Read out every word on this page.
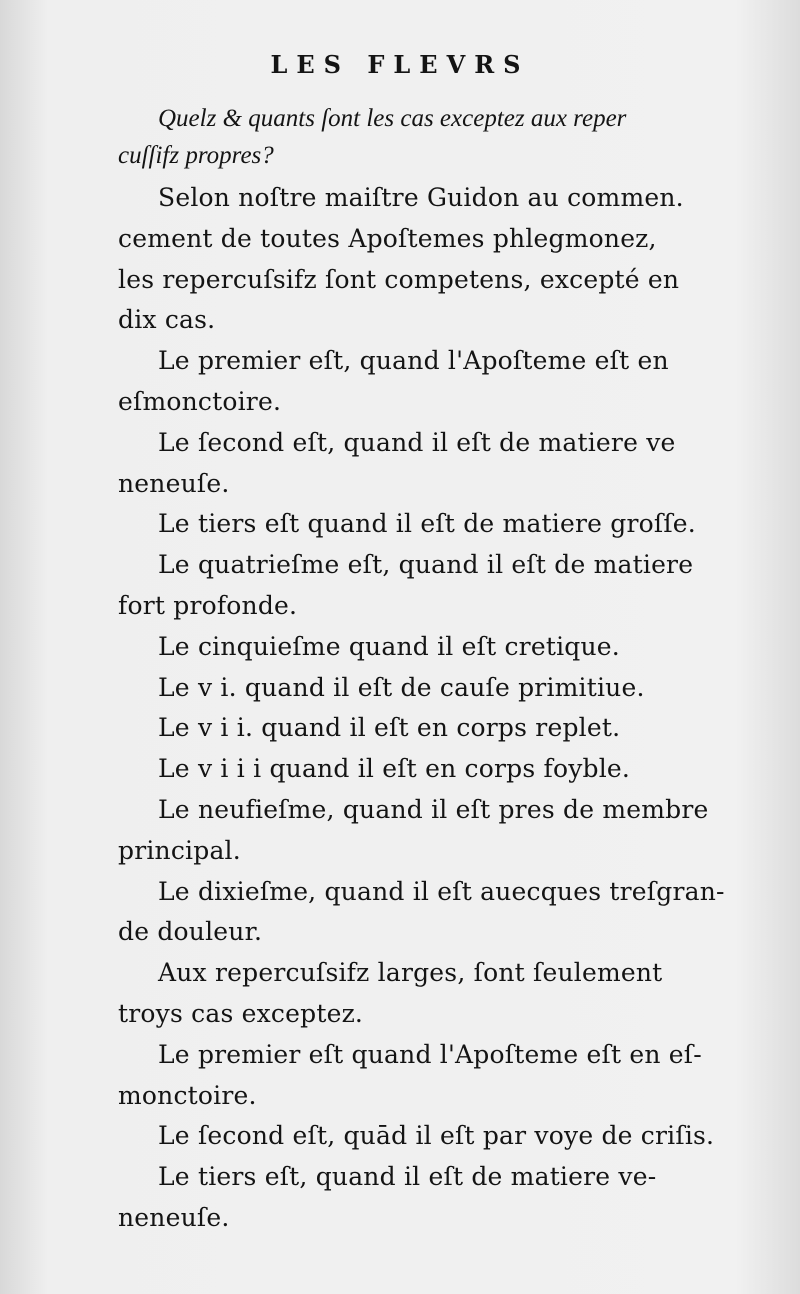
LES FLEVRS
Quelz & quants ſont les cas exceptez aux reper
cuſſifz propres?
Selon noſtre maiſtre Guidon au commen.
cement de toutes Apoſtemes phlegmonez,
les repercuſsifz ſont competens, excepté en
dix cas.
Le premier eſt, quand l'Apoſteme eſt en
eſmonctoire.
Le ſecond eſt, quand il eſt de matiere ve
neneuſe.
Le tiers eſt quand il eſt de matiere groſſe.
Le quatrieſme eſt, quand il eſt de matiere
fort profonde.
Le cinquieſme quand il eſt cretique.
Le v i. quand il eſt de cauſe primitiue.
Le v i i. quand il eſt en corps replet.
Le v i i i quand il eſt en corps foyble.
Le neufieſme, quand il eſt pres de membre
principal.
Le dixieſme, quand il eſt auecques treſgran-
de douleur.
Aux repercuſsifz larges, ſont ſeulement
troys cas exceptez.
Le premier eſt quand l'Apoſteme eſt en eſ-
monctoire.
Le ſecond eſt, quād il eſt par voye de criſis.
Le tiers eſt, quand il eſt de matiere ve-
neneuſe.
